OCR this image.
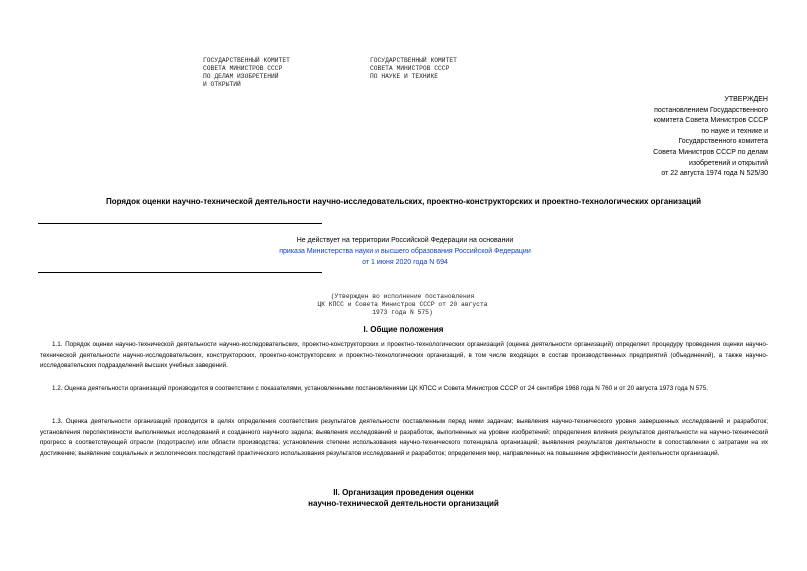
ГОСУДАРСТВЕННЫЙ КОМИТЕТ
СОВЕТА МИНИСТРОВ СССР
ПО ДЕЛАМ ИЗОБРЕТЕНИЙ
И ОТКРЫТИЙ
ГОСУДАРСТВЕННЫЙ КОМИТЕТ
СОВЕТА МИНИСТРОВ СССР
ПО НАУКЕ И ТЕХНИКЕ
УТВЕРЖДЕН
постановлением Государственного
комитета Совета Министров СССР
по науке и технике и
Государственного комитета
Совета Министров СССР по делам
изобретений и открытий
от 22 августа 1974 года N 525/30
Порядок оценки научно-технической деятельности научно-исследовательских, проектно-конструкторских и проектно-технологических организаций
Не действует на территории Российской Федерации на основании
приказа Министерства науки и высшего образования Российской Федерации
от 1 июня 2020 года N 694
(Утвержден во исполнение постановления
ЦК КПСС и Совета Министров СССР от 20 августа
1973 года N 575)
I. Общие положения
1.1. Порядок оценки научно-технической деятельности научно-исследовательских, проектно-конструкторских и проектно-технологических организаций (оценка деятельности организаций) определяет процедуру проведения оценки научно-технической деятельности научно-исследовательских, конструкторских, проектно-конструкторских и проектно-технологических организаций, в том числе входящих в состав производственных предприятий (объединений), а также научно-исследовательских подразделений высших учебных заведений.
1.2. Оценка деятельности организаций производится в соответствии с показателями, установленными постановлениями ЦК КПСС и Совета Министров СССР от 24 сентября 1968 года N 760 и от 20 августа 1973 года N 575.
1.3. Оценка деятельности организаций проводится в целях определения соответствия результатов деятельности поставленным перед ними задачам; выявления научно-технического уровня завершенных исследований и разработок; установления перспективности выполняемых исследований и созданного научного задела; выявления исследований и разработок, выполненных на уровне изобретений; определения влияния результатов деятельности на научно-технический прогресс в соответствующей отрасли (подотрасли) или области производства; установления степени использования научно-технического потенциала организаций; выявления результатов деятельности в сопоставлении с затратами на их достижение; выявление социальных и экологических последствий практического использования результатов исследований и разработок; определения мер, направленных на повышение эффективности деятельности организаций.
II. Организация проведения оценки
научно-технической деятельности организаций
